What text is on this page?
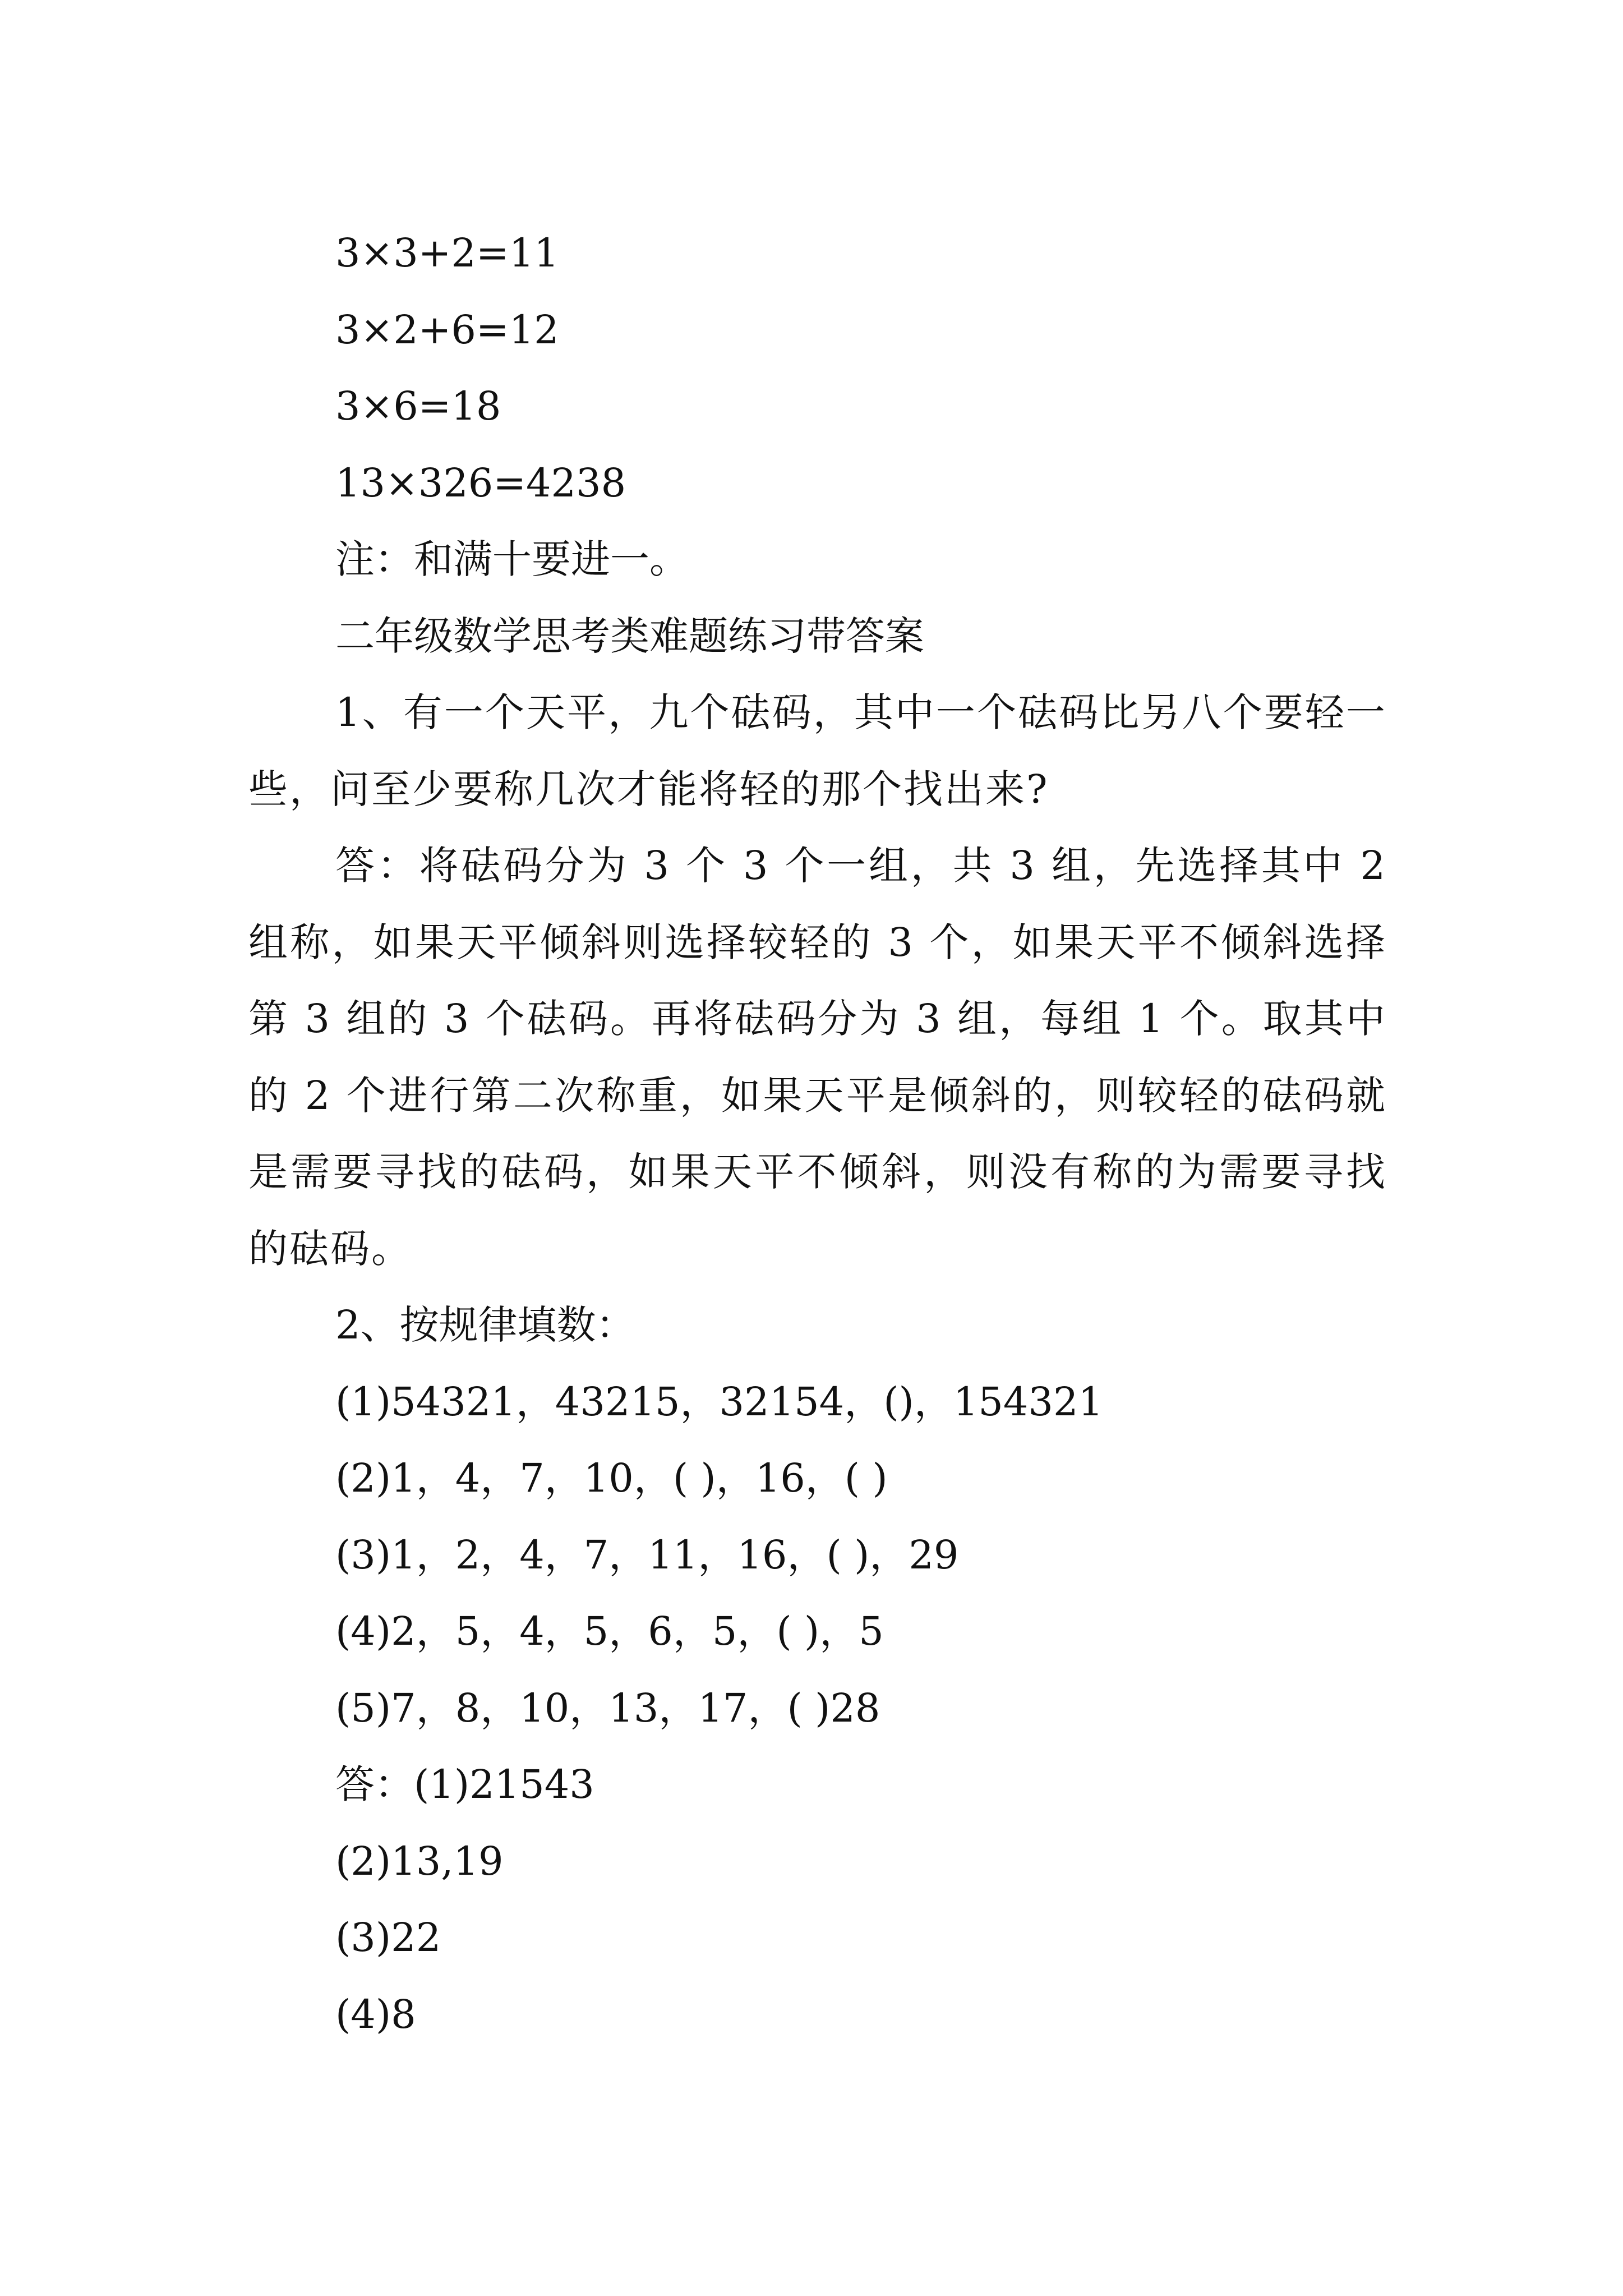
3×3+2=11
3×2+6=12
3×6=18
13×326=4238
注：和满十要进一。
二年级数学思考类难题练习带答案

1、有一个天平，九个砝码，其中一个砝码比另八个要轻一些，问至少要称几次才能将轻的那个找出来?

答：将砝码分为 3 个 3 个一组，共 3 组，先选择其中 2 组称，如果天平倾斜则选择较轻的 3 个，如果天平不倾斜选择第 3 组的 3 个砝码。再将砝码分为 3 组，每组 1 个。取其中的 2 个进行第二次称重，如果天平是倾斜的，则较轻的砝码就是需要寻找的砝码，如果天平不倾斜，则没有称的为需要寻找的砝码。

2、按规律填数：
(1)54321，43215，32154，()，154321
(2)1，4，7，10，( )，16，( )
(3)1，2，4，7，11，16，( )，29
(4)2，5，4，5，6，5，( )，5
(5)7，8，10，13，17，( )28
答：(1)21543
(2)13,19
(3)22
(4)8
